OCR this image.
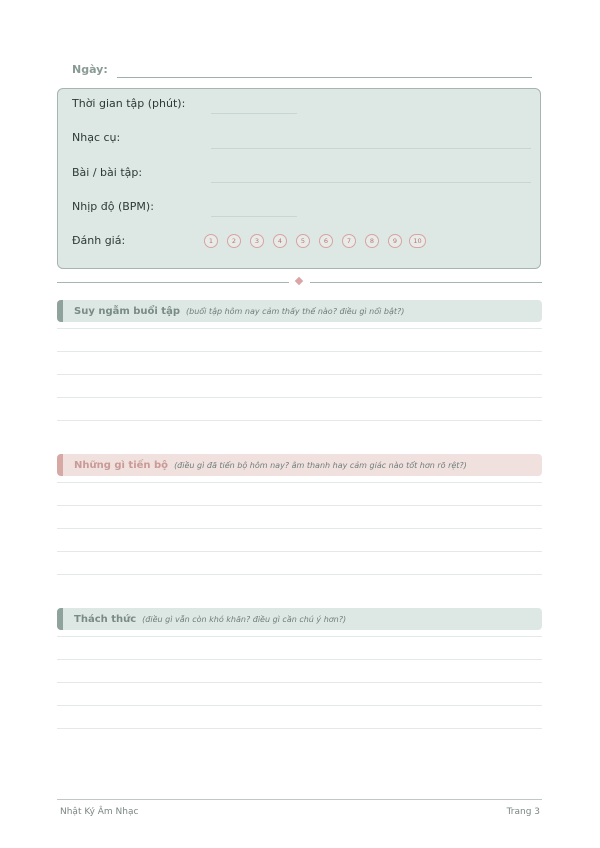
Ngày:
Thời gian tập (phút):
Nhạc cụ:
Bài / bài tập:
Nhịp độ (BPM):
Đánh giá:	1	2	3	4	5	6	7	8	9	10
Suy ngẫm buổi tập (buổi tập hôm nay cảm thấy thế nào? điều gì nổi bật?)
Những gì tiến bộ (điều gì đã tiến bộ hôm nay? âm thanh hay cảm giác nào tốt hơn rõ rệt?)
Thách thức (điều gì vẫn còn khó khăn? điều gì cần chú ý hơn?)
Nhật Ký Âm Nhạc	Trang 3
